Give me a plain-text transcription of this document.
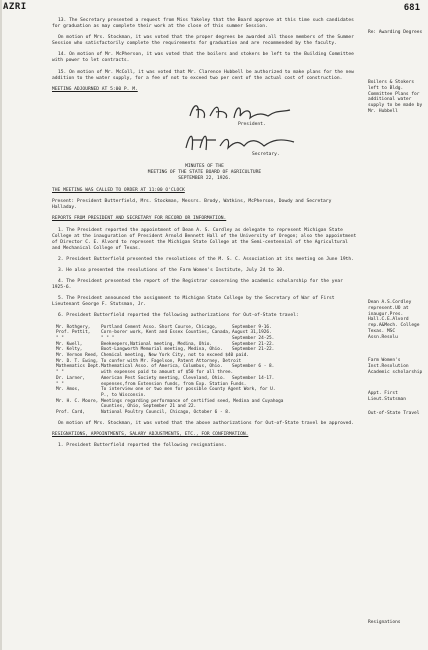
AZRI	681

13. The Secretary presented a request from Miss Yakeley that the Board approve at this time such candidates for graduation as may complete their work at the close of this summer Session.

On motion of Mrs. Stockman, it was voted that the proper degrees be awarded all those members of the Summer Session who satisfactorily complete the requirements for graduation and are recommended by the faculty.

14. On motion of Mr. McPherson, it was voted that the boilers and stokers be left to the Building Committee with power to let contracts.

15. On motion of Mr. McColl, it was voted that Mr. Clarence Hubbell be authorized to make plans for the new addition to the water supply, for a fee of not to exceed two per cent of the actual cost of construction.

MEETING ADJOURNED AT 5:00 P. M.

President.
Secretary.
MINUTES OF THE
MEETING OF THE STATE BOARD OF AGRICULTURE
SEPTEMBER 22, 1926.

THE MEETING WAS CALLED TO ORDER AT 11:00 O'CLOCK

Present: President Butterfield, Mrs. Stockman, Messrs. Brody, Watkins, McPherson, Dowdy and Secretary Halladay.

REPORTS FROM PRESIDENT AND SECRETARY FOR RECORD OR INFORMATION.

1. The President reported the appointment of Dean A. S. Cordley as delegate to represent Michigan State College at the inauguration of President Arnold Bennett Hall of the University of Oregon; also the appointment of Director C. E. Alvord to represent the Michigan State College at the Semi-centennial of the Agricultural and Mechanical College of Texas.

2. President Butterfield presented the resolutions of the M. S. C. Association at its meeting on June 19th.

3. He also presented the resolutions of the Farm Women's Institute, July 24 to 30.

4. The President presented the report of the Registrar concerning the academic scholarship for the year 1925-6.

5. The President announced the assignment to Michigan State College by the Secretary of War of First Lieutenant George F. Stutsman, Jr.

6. President Butterfield reported the following authorizations for Out-of-State travel:

Mr. Rothgery,	Portland Cement Asso. Short Course, Chicago,	September 9-16.
Prof. Pettit,	Corn-borer work, Kent and Essex Counties, Canada, August 31,1926.
" "	" " "	September 24-25.
Mr. Kwell,	Beekeepers,National meeting, Medina, Ohio.	September 21-22.
Mr. Kelty,	Boot-Langworth Memorial meeting, Medina, Ohio.	September 21-22.
Mr. Vernon Reed, Chemical meeting, New York City, not to exceed $40 paid.
Mr. D. T. Ewing, To confer with Mr. Fagelson, Patent Attorney, Detroit
Mathematics Dept. Mathematical Asso. of America, Columbus, Ohio.	September 6 - 8.
" "	with expenses paid to amount of $50 for all three.
Dr. Larner,	American Pest Society meeting, Cleveland, Ohio.	September 14-17.
" "	expenses,from Extension funds, from Exp. Station Funds.
Mr. Amos,	To interview one or two men for possible County Agent Work, for U. P., to Wisconsin.
Mr. H. C. Moore, Meetings regarding performance of certified seed, Medina and Cuyahoga Counties, Ohio, September 21 and 22.
Prof. Card,	National Poultry Council, Chicago, October 6 - 8.

On motion of Mrs. Stockman, it was voted that the above authorizations for Out-of-State travel be approved.

RESIGNATIONS, APPOINTMENTS, SALARY ADJUSTMENTS, ETC., FOR CONFIRMATION.

1. President Butterfield reported the following resignations.

Re: Awarding Degrees
Boilers & Stokers left to Bldg. Committee Plans for additional water supply to be made by Mr. Hubbell
Dean A.S.Cordley represent.UO at inaugur.Pres. Hall.C.E.Alvord rep.A&Mech. College Texas. MSC Assn.Resolu
Farm Women's Inst.Resolution Academic scholarship
Appt. First Lieut.Stutsman
Out-of-State Travel
Resignations
